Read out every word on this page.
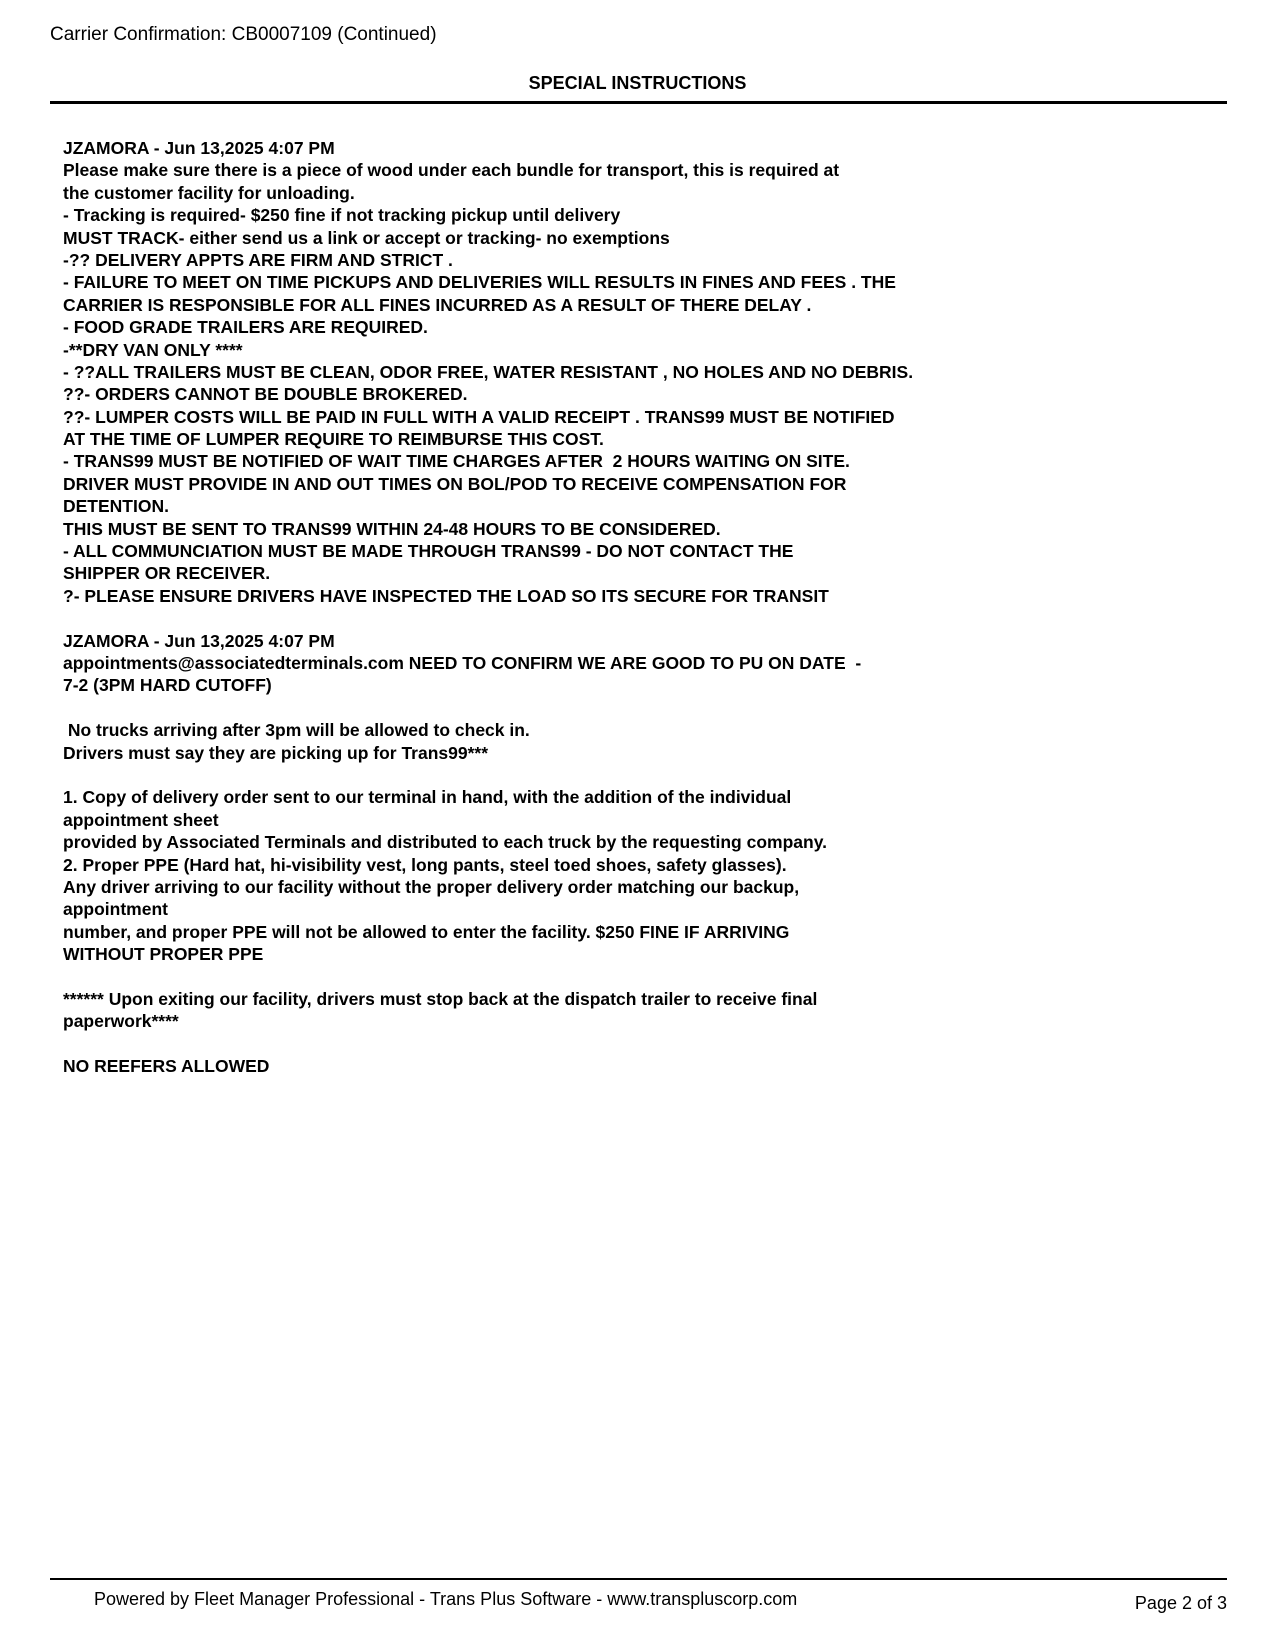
Carrier Confirmation: CB0007109 (Continued)
SPECIAL INSTRUCTIONS
JZAMORA - Jun 13,2025 4:07 PM
Please make sure there is a piece of wood under each bundle for transport, this is required at
the customer facility for unloading.
- Tracking is required- $250 fine if not tracking pickup until delivery
MUST TRACK- either send us a link or accept or tracking- no exemptions
-?? DELIVERY APPTS ARE FIRM AND STRICT .
- FAILURE TO MEET ON TIME PICKUPS AND DELIVERIES WILL RESULTS IN FINES AND FEES . THE
CARRIER IS RESPONSIBLE FOR ALL FINES INCURRED AS A RESULT OF THERE DELAY .
- FOOD GRADE TRAILERS ARE REQUIRED.
-**DRY VAN ONLY ****
- ??ALL TRAILERS MUST BE CLEAN, ODOR FREE, WATER RESISTANT , NO HOLES AND NO DEBRIS.
??- ORDERS CANNOT BE DOUBLE BROKERED.
??- LUMPER COSTS WILL BE PAID IN FULL WITH A VALID RECEIPT . TRANS99 MUST BE NOTIFIED
AT THE TIME OF LUMPER REQUIRE TO REIMBURSE THIS COST.
- TRANS99 MUST BE NOTIFIED OF WAIT TIME CHARGES AFTER  2 HOURS WAITING ON SITE.
DRIVER MUST PROVIDE IN AND OUT TIMES ON BOL/POD TO RECEIVE COMPENSATION FOR
DETENTION.
THIS MUST BE SENT TO TRANS99 WITHIN 24-48 HOURS TO BE CONSIDERED.
- ALL COMMUNCIATION MUST BE MADE THROUGH TRANS99 - DO NOT CONTACT THE
SHIPPER OR RECEIVER.
?- PLEASE ENSURE DRIVERS HAVE INSPECTED THE LOAD SO ITS SECURE FOR TRANSIT
JZAMORA - Jun 13,2025 4:07 PM
appointments@associatedterminals.com NEED TO CONFIRM WE ARE GOOD TO PU ON DATE  -
7-2 (3PM HARD CUTOFF)
No trucks arriving after 3pm will be allowed to check in.
Drivers must say they are picking up for Trans99***
1. Copy of delivery order sent to our terminal in hand, with the addition of the individual
appointment sheet
provided by Associated Terminals and distributed to each truck by the requesting company.
2. Proper PPE (Hard hat, hi-visibility vest, long pants, steel toed shoes, safety glasses).
Any driver arriving to our facility without the proper delivery order matching our backup,
appointment
number, and proper PPE will not be allowed to enter the facility. $250 FINE IF ARRIVING
WITHOUT PROPER PPE
****** Upon exiting our facility, drivers must stop back at the dispatch trailer to receive final
paperwork****
NO REEFERS ALLOWED
Powered by Fleet Manager Professional - Trans Plus Software - www.transpluscorp.com	Page 2 of 3
